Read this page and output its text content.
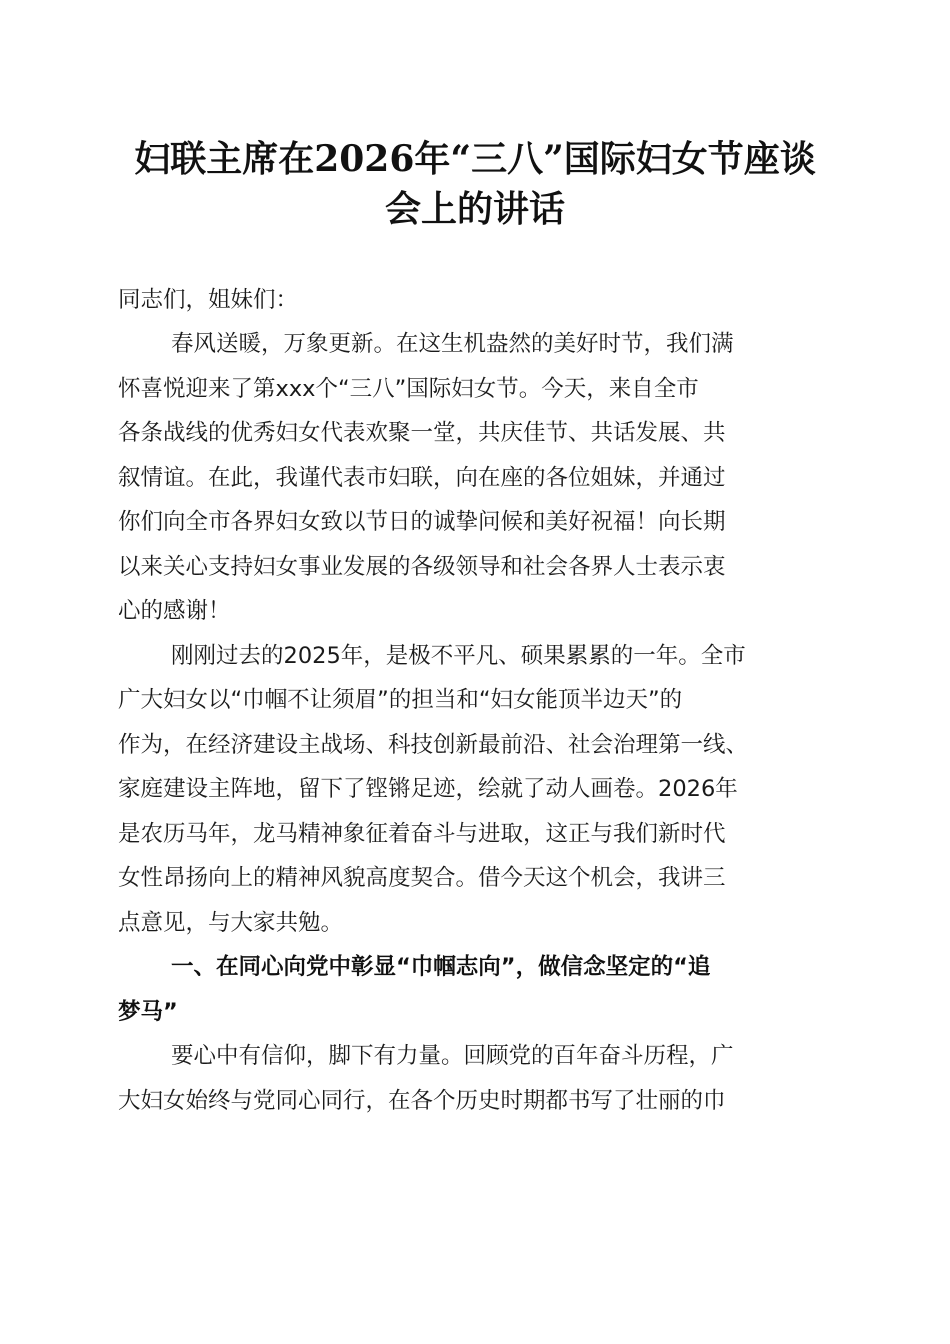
妇联主席在2026年“三八”国际妇女节座谈
会上的讲话

同志们，姐妹们：

春风送暖，万象更新。在这生机盎然的美好时节，我们满

怀喜悦迎来了第xxx个“三八”国际妇女节。今天，来自全市

各条战线的优秀妇女代表欢聚一堂，共庆佳节、共话发展、共

叙情谊。在此，我谨代表市妇联，向在座的各位姐妹，并通过

你们向全市各界妇女致以节日的诚挚问候和美好祝福！向长期

以来关心支持妇女事业发展的各级领导和社会各界人士表示衷

心的感谢！

刚刚过去的2025年，是极不平凡、硕果累累的一年。全市

广大妇女以“巾帼不让须眉”的担当和“妇女能顶半边天”的

作为，在经济建设主战场、科技创新最前沿、社会治理第一线、

家庭建设主阵地，留下了铿锵足迹，绘就了动人画卷。2026年

是农历马年，龙马精神象征着奋斗与进取，这正与我们新时代

女性昂扬向上的精神风貌高度契合。借今天这个机会，我讲三

点意见，与大家共勉。

一、在同心向党中彰显“巾帼志向”，做信念坚定的“追

梦马”

要心中有信仰，脚下有力量。回顾党的百年奋斗历程，广

大妇女始终与党同心同行，在各个历史时期都书写了壮丽的巾
